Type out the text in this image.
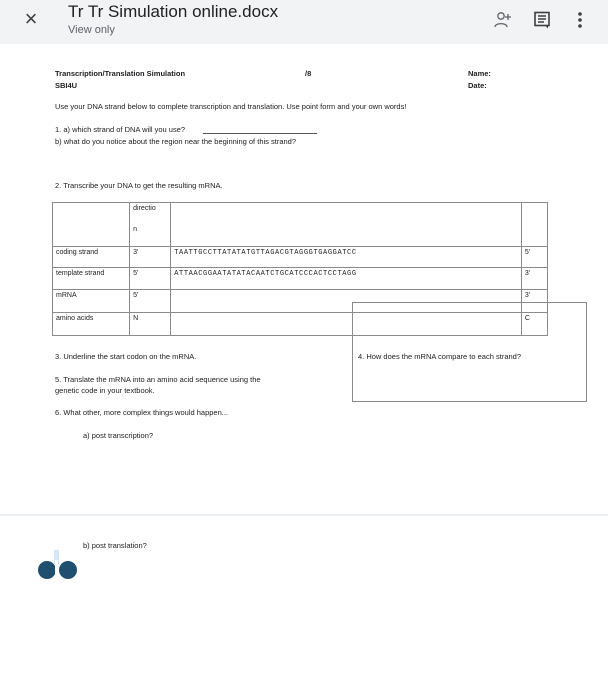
× Tr Tr Simulation online.docx
View only
Transcription/Translation Simulation
SBI4U
/8	Name:
Date:
Use your DNA strand below to complete transcription and translation. Use point form and your own words!
1. a) which strand of DNA will you use?
b) what do you notice about the region near the beginning of this strand?
2. Transcribe your DNA to get the resulting mRNA.

	directio
n		

coding strand	3'	TAATTGCCTTATATATGTTAGACGTAGGGTGAGGATCC	5'
template strand	5'	ATTAACGGAATATATACAATCTGCATCCCACTCCTAGG	3'
mRNA	5'		3'
amino acids	N		C
3. Underline the start codon on the mRNA.	4. How does the mRNA compare to each strand?
5. Translate the mRNA into an amino acid sequence using the
genetic code in your textbook.
6. What other, more complex things would happen...
a) post transcription?
b) post translation?
